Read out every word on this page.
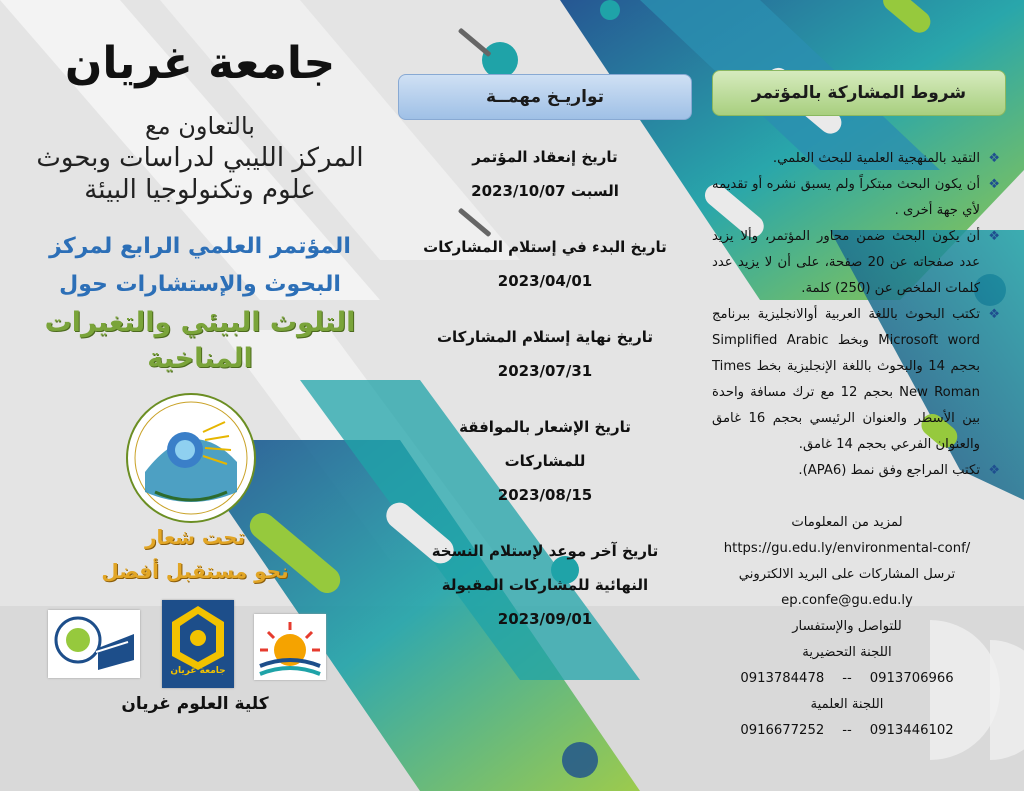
جامعة غريان
بالتعاون مع
المركز الليبي لدراسات وبحوث
علوم وتكنولوجيا البيئة
المؤتمر العلمي الرابع لمركز
البحوث والإستشارات حول
التلوث البيئي والتغيرات
المناخية
تحت شعار
نحو مستقبل أفضل
جامعة غريان
كلية العلوم غريان
تواريـخ مهمــة
تاريخ إنعقاد المؤتمر
السبت 2023/10/07
تاريخ البدء في إستلام المشاركات
2023/04/01
تاريخ نهاية إستلام المشاركات
2023/07/31
تاريخ الإشعار بالموافقة للمشاركات
2023/08/15
تاريخ آخر موعد لإستلام النسخة النهائية للمشاركات المقبولة
2023/09/01
شروط المشاركة بالمؤتمر
❖
التقيد بالمنهجية العلمية للبحث العلمي.
❖
أن يكون البحث مبتكراً ولم يسبق نشره أو تقديمه لأي جهة أخرى .
❖
أن يكون البحث ضمن محاور المؤتمر، وألا يزيد عدد صفحاته عن 20 صفحة، على أن لا يزيد عدد كلمات الملخص عن (250) كلمة.
❖
تكتب البحوث باللغة العربية أوالانجليزية ببرنامج Microsoft word وبخط Simplified Arabic بحجم 14 والبحوث باللغة الإنجليزية بخط Times New Roman بحجم 12 مع ترك مسافة واحدة بين الأسطر والعنوان الرئيسي بحجم 16 غامق والعنوان الفرعي بحجم 14 غامق.
❖
تكتب المراجع وفق نمط (APA6).
لمزيد من المعلومات
https://gu.edu.ly/environmental-conf/
ترسل المشاركات على البريد الالكتروني
ep.confe@gu.edu.ly
للتواصل والإستفسار
اللجنة التحضيرية
0913784478 -- 0913706966
اللجنة العلمية
0916677252 -- 0913446102
